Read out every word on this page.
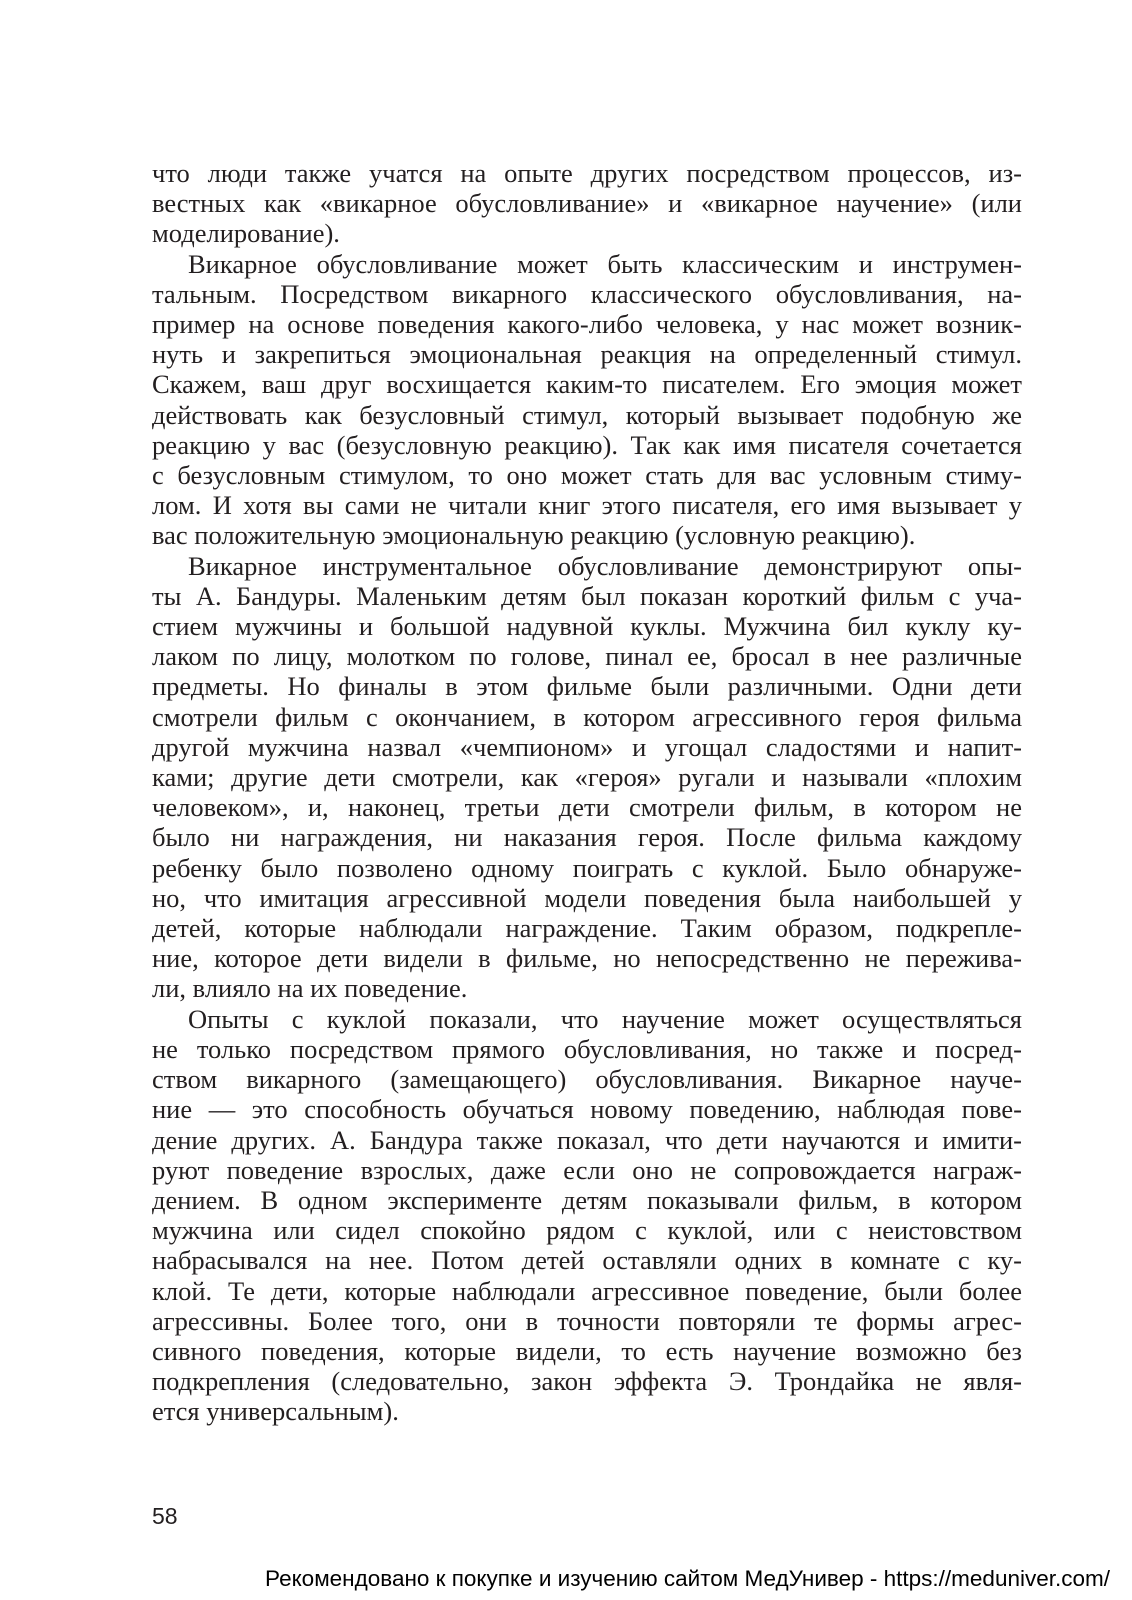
что люди также учатся на опыте других посредством процессов, из-
вестных как «викарное обусловливание» и «викарное научение» (или
моделирование).

Викарное обусловливание может быть классическим и инструмен-
тальным. Посредством викарного классического обусловливания, на-
пример на основе поведения какого-либо человека, у нас может возник-
нуть и закрепиться эмоциональная реакция на определенный стимул.
Скажем, ваш друг восхищается каким-то писателем. Его эмоция может
действовать как безусловный стимул, который вызывает подобную же
реакцию у вас (безусловную реакцию). Так как имя писателя сочетается
с безусловным стимулом, то оно может стать для вас условным стиму-
лом. И хотя вы сами не читали книг этого писателя, его имя вызывает у
вас положительную эмоциональную реакцию (условную реакцию).

Викарное инструментальное обусловливание демонстрируют опы-
ты А. Бандуры. Маленьким детям был показан короткий фильм с уча-
стием мужчины и большой надувной куклы. Мужчина бил куклу ку-
лаком по лицу, молотком по голове, пинал ее, бросал в нее различные
предметы. Но финалы в этом фильме были различными. Одни дети
смотрели фильм с окончанием, в котором агрессивного героя фильма
другой мужчина назвал «чемпионом» и угощал сладостями и напит-
ками; другие дети смотрели, как «героя» ругали и называли «плохим
человеком», и, наконец, третьи дети смотрели фильм, в котором не
было ни награждения, ни наказания героя. После фильма каждому
ребенку было позволено одному поиграть с куклой. Было обнаруже-
но, что имитация агрессивной модели поведения была наибольшей у
детей, которые наблюдали награждение. Таким образом, подкрепле-
ние, которое дети видели в фильме, но непосредственно не пережива-
ли, влияло на их поведение.

Опыты с куклой показали, что научение может осуществляться
не только посредством прямого обусловливания, но также и посред-
ством викарного (замещающего) обусловливания. Викарное науче-
ние — это способность обучаться новому поведению, наблюдая пове-
дение других. А. Бандура также показал, что дети научаются и имити-
руют поведение взрослых, даже если оно не сопровождается награж-
дением. В одном эксперименте детям показывали фильм, в котором
мужчина или сидел спокойно рядом с куклой, или с неистовством
набрасывался на нее. Потом детей оставляли одних в комнате с ку-
клой. Те дети, которые наблюдали агрессивное поведение, были более
агрессивны. Более того, они в точности повторяли те формы агрес-
сивного поведения, которые видели, то есть научение возможно без
подкрепления (следовательно, закон эффекта Э. Трондайка не явля-
ется универсальным).

58
Рекомендовано к покупке и изучению сайтом МедУнивер - https://meduniver.com/
